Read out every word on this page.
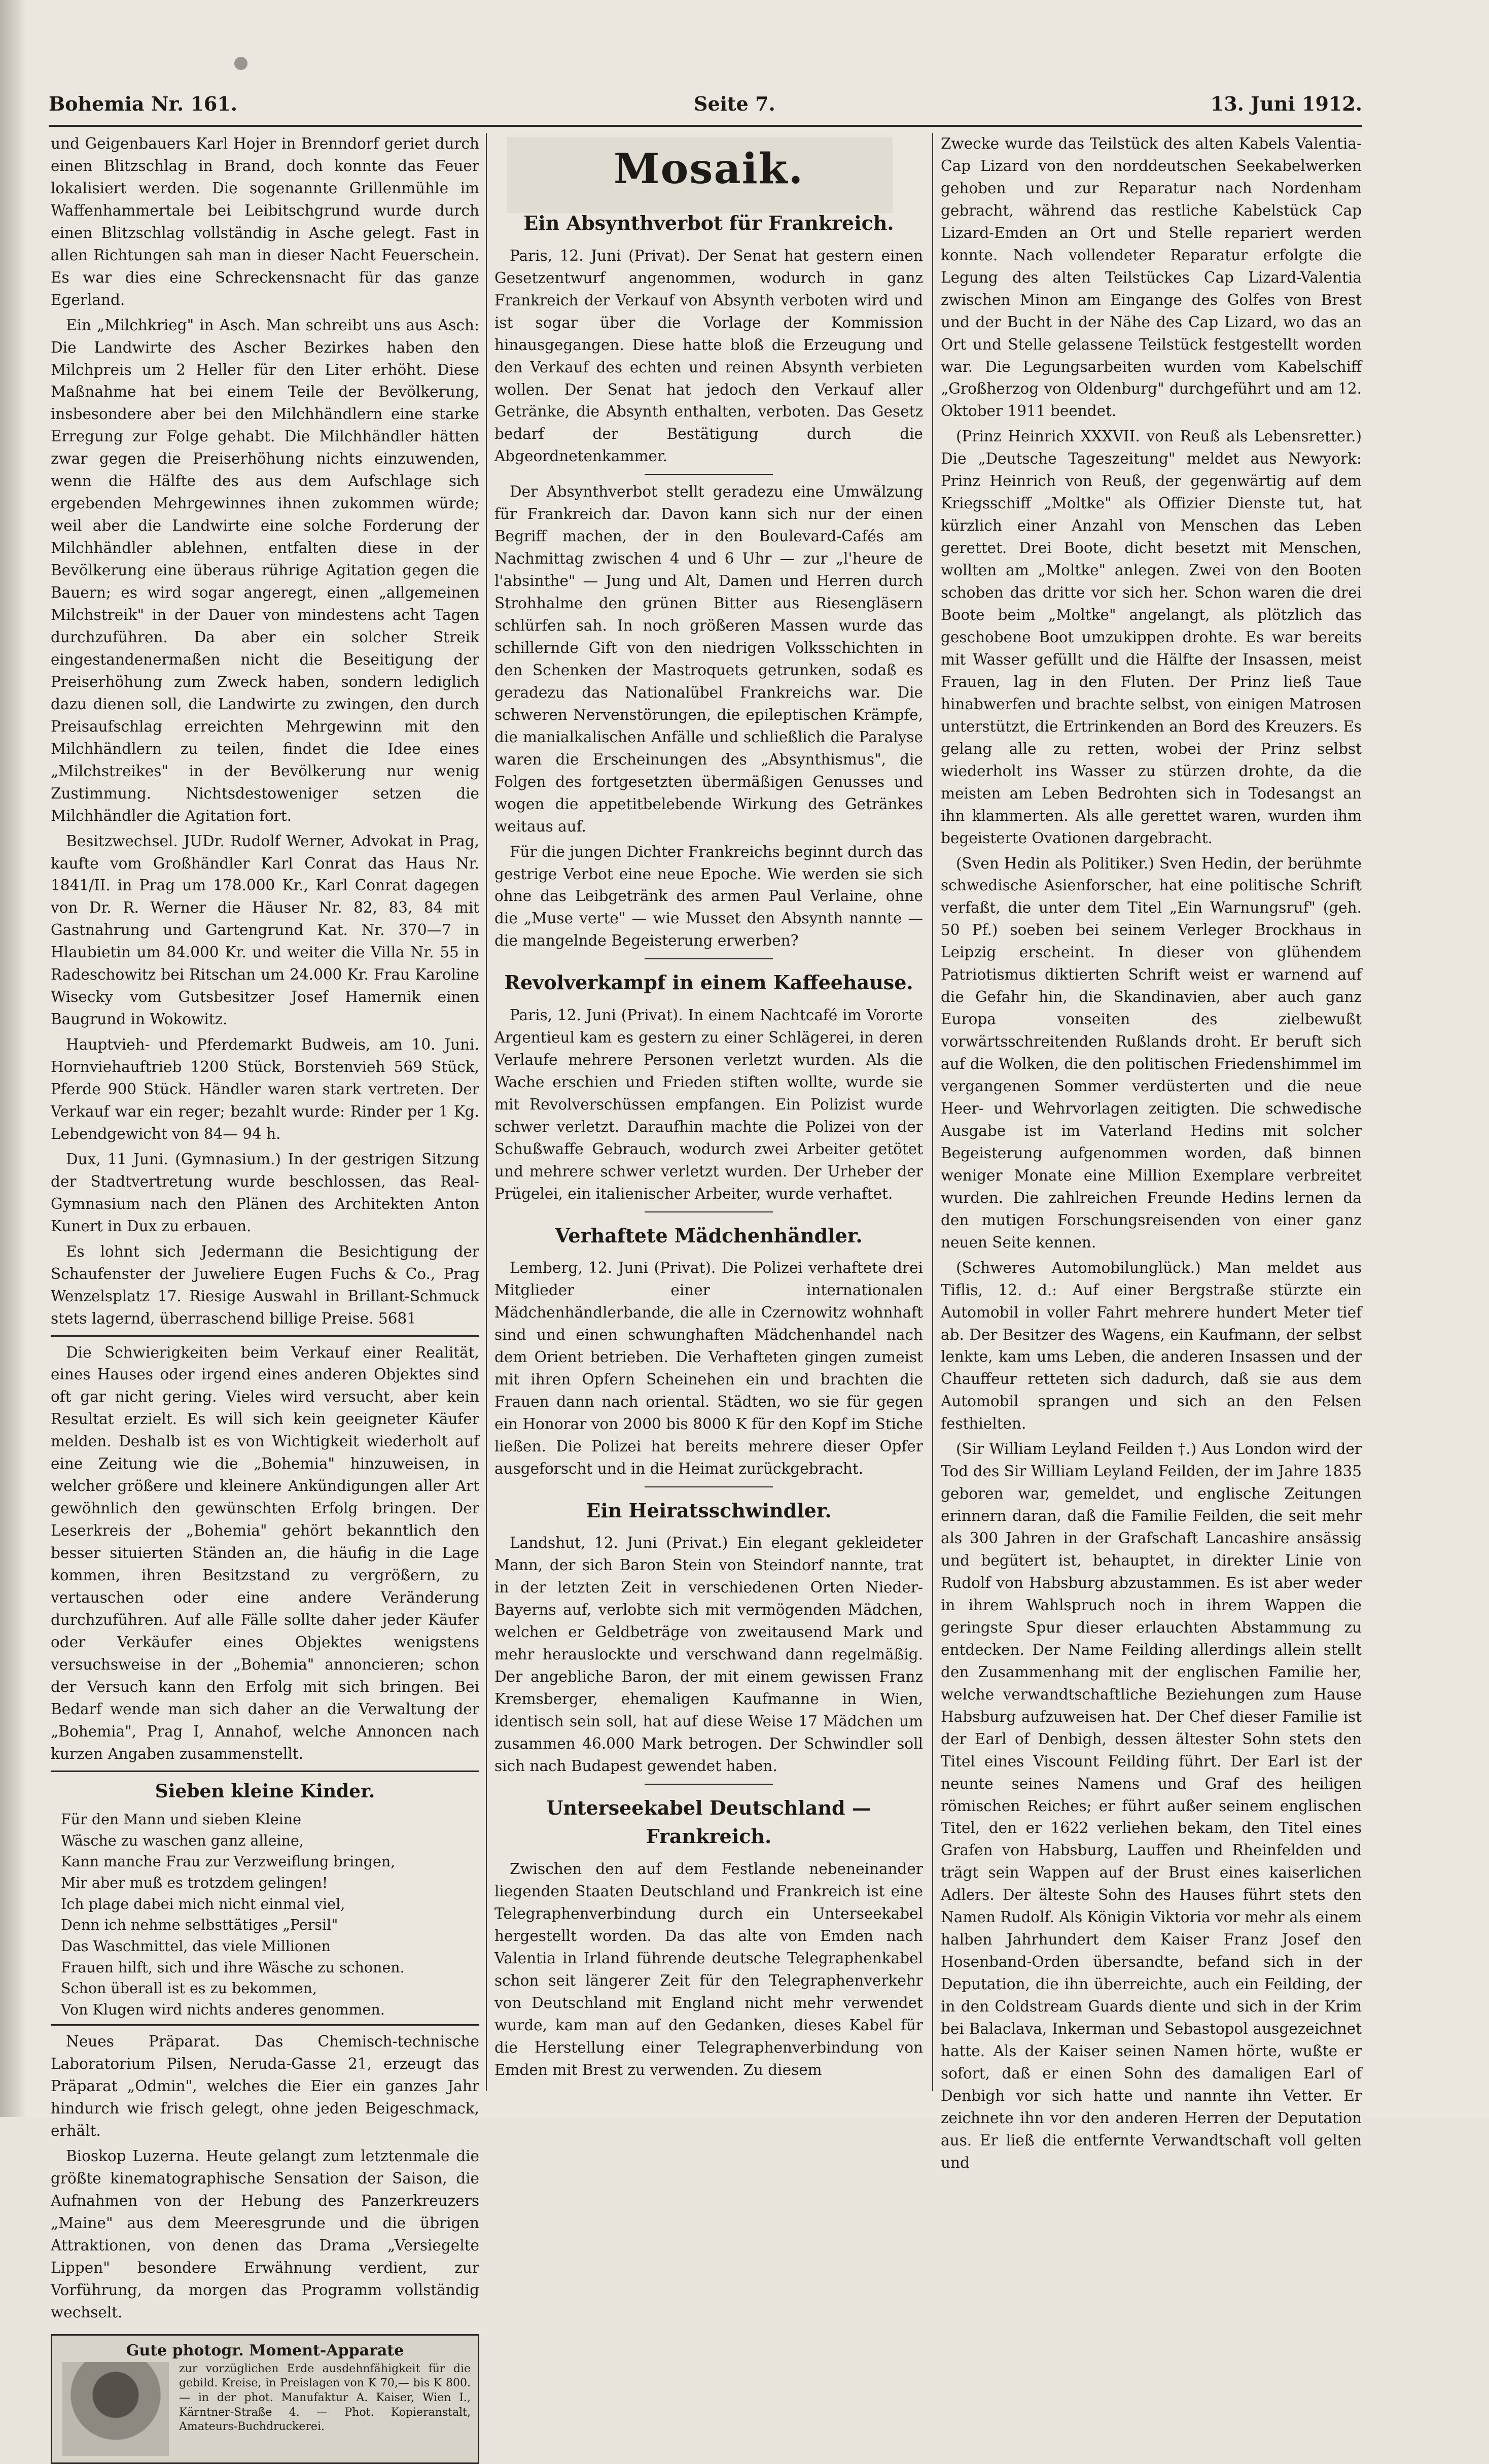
Bohemia Nr. 161.	Seite 7.	13. Juni 1912.

und Geigenbauers Karl Hojer in Brenndorf geriet durch einen Blitzschlag in Brand, doch konnte das Feuer lokalisiert werden. Die sogenannte Grillenmühle im Waffenhammertale bei Leibitschgrund wurde durch einen Blitzschlag vollständig in Asche gelegt. Fast in allen Richtungen sah man in dieser Nacht Feuerschein. Es war dies eine Schreckensnacht für das ganze Egerland.

Ein „Milchkrieg" in Asch. Man schreibt uns aus Asch: Die Landwirte des Ascher Bezirkes haben den Milchpreis um 2 Heller für den Liter erhöht. Diese Maßnahme hat bei einem Teile der Bevölkerung, insbesondere aber bei den Milchhändlern eine starke Erregung zur Folge gehabt. Die Milchhändler hätten zwar gegen die Preiserhöhung nichts einzuwenden, wenn die Hälfte des aus dem Aufschlage sich ergebenden Mehrgewinnes ihnen zukommen würde; weil aber die Landwirte eine solche Forderung der Milchhändler ablehnen, entfalten diese in der Bevölkerung eine überaus rührige Agitation gegen die Bauern; es wird sogar angeregt, einen „allgemeinen Milchstreik" in der Dauer von mindestens acht Tagen durchzuführen. Da aber ein solcher Streik eingestandenermaßen nicht die Beseitigung der Preiserhöhung zum Zweck haben, sondern lediglich dazu dienen soll, die Landwirte zu zwingen, den durch Preisaufschlag erreichten Mehrgewinn mit den Milchhändlern zu teilen, findet die Idee eines „Milchstreikes" in der Bevölkerung nur wenig Zustimmung. Nichtsdestoweniger setzen die Milchhändler die Agitation fort.

Besitzwechsel. JUDr. Rudolf Werner, Advokat in Prag, kaufte vom Großhändler Karl Conrat das Haus Nr. 1841/II. in Prag um 178.000 Kr., Karl Conrat dagegen von Dr. R. Werner die Häuser Nr. 82, 83, 84 mit Gastnahrung und Gartengrund Kat. Nr. 370—7 in Hlaubietin um 84.000 Kr. und weiter die Villa Nr. 55 in Radeschowitz bei Ritschan um 24.000 Kr. Frau Karoline Wisecky vom Gutsbesitzer Josef Hamernik einen Baugrund in Wokowitz.

Hauptvieh- und Pferdemarkt Budweis, am 10. Juni. Hornviehauftrieb 1200 Stück, Borstenvieh 569 Stück, Pferde 900 Stück. Händler waren stark vertreten. Der Verkauf war ein reger; bezahlt wurde: Rinder per 1 Kg. Lebendgewicht von 84— 94 h.

Dux, 11 Juni. (Gymnasium.) In der gestrigen Sitzung der Stadtvertretung wurde beschlossen, das Real-Gymnasium nach den Plänen des Architekten Anton Kunert in Dux zu erbauen.

Es lohnt sich Jedermann die Besichtigung der Schaufenster der Juweliere Eugen Fuchs & Co., Prag Wenzelsplatz 17. Riesige Auswahl in Brillant-Schmuck stets lagernd, überraschend billige Preise. 5681

Die Schwierigkeiten beim Verkauf einer Realität, eines Hauses oder irgend eines anderen Objektes sind oft gar nicht gering. Vieles wird versucht, aber kein Resultat erzielt. Es will sich kein geeigneter Käufer melden. Deshalb ist es von Wichtigkeit wiederholt auf eine Zeitung wie die „Bohemia" hinzuweisen, in welcher größere und kleinere Ankündigungen aller Art gewöhnlich den gewünschten Erfolg bringen. Der Leserkreis der „Bohemia" gehört bekanntlich den besser situierten Ständen an, die häufig in die Lage kommen, ihren Besitzstand zu vergrößern, zu vertauschen oder eine andere Veränderung durchzuführen. Auf alle Fälle sollte daher jeder Käufer oder Verkäufer eines Objektes wenigstens versuchsweise in der „Bohemia" annoncieren; schon der Versuch kann den Erfolg mit sich bringen. Bei Bedarf wende man sich daher an die Verwaltung der „Bohemia", Prag I, Annahof, welche Annoncen nach kurzen Angaben zusammenstellt.

Sieben kleine Kinder.

Für den Mann und sieben Kleine

Wäsche zu waschen ganz alleine,

Kann manche Frau zur Verzweiflung bringen,

Mir aber muß es trotzdem gelingen!

Ich plage dabei mich nicht einmal viel,

Denn ich nehme selbsttätiges „Persil"

Das Waschmittel, das viele Millionen

Frauen hilft, sich und ihre Wäsche zu schonen.

Schon überall ist es zu bekommen,

Von Klugen wird nichts anderes genommen.

Neues Präparat. Das Chemisch-technische Laboratorium Pilsen, Neruda-Gasse 21, erzeugt das Präparat „Odmin", welches die Eier ein ganzes Jahr hindurch wie frisch gelegt, ohne jeden Beigeschmack, erhält.

Bioskop Luzerna. Heute gelangt zum letztenmale die größte kinematographische Sensation der Saison, die Aufnahmen von der Hebung des Panzerkreuzers „Maine" aus dem Meeresgrunde und die übrigen Attraktionen, von denen das Drama „Versiegelte Lippen" besondere Erwähnung verdient, zur Vorführung, da morgen das Programm vollständig wechselt.

Gute photogr. Moment-Apparate
zur vorzüglichen Erde ausdehnfähigkeit für die gebild. Kreise, in Preislagen von K 70,— bis K 800.— in der phot. Manufaktur A. Kaiser, Wien I., Kärntner-Straße 4. — Phot. Kopieranstalt, Amateurs-Buchdruckerei.
Mosaik.
Ein Absynthverbot für Frankreich.

Paris, 12. Juni (Privat). Der Senat hat gestern einen Gesetzentwurf angenommen, wodurch in ganz Frankreich der Verkauf von Absynth verboten wird und ist sogar über die Vorlage der Kommission hinausgegangen. Diese hatte bloß die Erzeugung und den Verkauf des echten und reinen Absynth verbieten wollen. Der Senat hat jedoch den Verkauf aller Getränke, die Absynth enthalten, verboten. Das Gesetz bedarf der Bestätigung durch die Abgeordnetenkammer.

Der Absynthverbot stellt geradezu eine Umwälzung für Frankreich dar. Davon kann sich nur der einen Begriff machen, der in den Boulevard-Cafés am Nachmittag zwischen 4 und 6 Uhr — zur „l'heure de l'absinthe" — Jung und Alt, Damen und Herren durch Strohhalme den grünen Bitter aus Riesengläsern schlürfen sah. In noch größeren Massen wurde das schillernde Gift von den niedrigen Volksschichten in den Schenken der Mastroquets getrunken, sodaß es geradezu das Nationalübel Frankreichs war. Die schweren Nervenstörungen, die epileptischen Krämpfe, die manialkalischen Anfälle und schließlich die Paralyse waren die Erscheinungen des „Absynthismus", die Folgen des fortgesetzten übermäßigen Genusses und wogen die appetitbelebende Wirkung des Getränkes weitaus auf.

Für die jungen Dichter Frankreichs beginnt durch das gestrige Verbot eine neue Epoche. Wie werden sie sich ohne das Leibgetränk des armen Paul Verlaine, ohne die „Muse verte" — wie Musset den Absynth nannte — die mangelnde Begeisterung erwerben?

Revolverkampf in einem Kaffeehause.

Paris, 12. Juni (Privat). In einem Nachtcafé im Vororte Argentieul kam es gestern zu einer Schlägerei, in deren Verlaufe mehrere Personen verletzt wurden. Als die Wache erschien und Frieden stiften wollte, wurde sie mit Revolverschüssen empfangen. Ein Polizist wurde schwer verletzt. Daraufhin machte die Polizei von der Schußwaffe Gebrauch, wodurch zwei Arbeiter getötet und mehrere schwer verletzt wurden. Der Urheber der Prügelei, ein italienischer Arbeiter, wurde verhaftet.

Verhaftete Mädchenhändler.

Lemberg, 12. Juni (Privat). Die Polizei verhaftete drei Mitglieder einer internationalen Mädchenhändlerbande, die alle in Czernowitz wohnhaft sind und einen schwunghaften Mädchenhandel nach dem Orient betrieben. Die Verhafteten gingen zumeist mit ihren Opfern Scheinehen ein und brachten die Frauen dann nach oriental. Städten, wo sie für gegen ein Honorar von 2000 bis 8000 K für den Kopf im Stiche ließen. Die Polizei hat bereits mehrere dieser Opfer ausgeforscht und in die Heimat zurückgebracht.

Ein Heiratsschwindler.

Landshut, 12. Juni (Privat.) Ein elegant gekleideter Mann, der sich Baron Stein von Steindorf nannte, trat in der letzten Zeit in verschiedenen Orten Nieder-Bayerns auf, verlobte sich mit vermögenden Mädchen, welchen er Geldbeträge von zweitausend Mark und mehr herauslockte und verschwand dann regelmäßig. Der angebliche Baron, der mit einem gewissen Franz Kremsberger, ehemaligen Kaufmanne in Wien, identisch sein soll, hat auf diese Weise 17 Mädchen um zusammen 46.000 Mark betrogen. Der Schwindler soll sich nach Budapest gewendet haben.

Unterseekabel Deutschland — Frankreich.

Zwischen den auf dem Festlande nebeneinander liegenden Staaten Deutschland und Frankreich ist eine Telegraphenverbindung durch ein Unterseekabel hergestellt worden. Da das alte von Emden nach Valentia in Irland führende deutsche Telegraphenkabel schon seit längerer Zeit für den Telegraphenverkehr von Deutschland mit England nicht mehr verwendet wurde, kam man auf den Gedanken, dieses Kabel für die Herstellung einer Telegraphenverbindung von Emden mit Brest zu verwenden. Zu diesem

Zwecke wurde das Teilstück des alten Kabels Valentia-Cap Lizard von den norddeutschen Seekabelwerken gehoben und zur Reparatur nach Nordenham gebracht, während das restliche Kabelstück Cap Lizard-Emden an Ort und Stelle repariert werden konnte. Nach vollendeter Reparatur erfolgte die Legung des alten Teilstückes Cap Lizard-Valentia zwischen Minon am Eingange des Golfes von Brest und der Bucht in der Nähe des Cap Lizard, wo das an Ort und Stelle gelassene Teilstück festgestellt worden war. Die Legungsarbeiten wurden vom Kabelschiff „Großherzog von Oldenburg" durchgeführt und am 12. Oktober 1911 beendet.

(Prinz Heinrich XXXVII. von Reuß als Lebensretter.) Die „Deutsche Tageszeitung" meldet aus Newyork: Prinz Heinrich von Reuß, der gegenwärtig auf dem Kriegsschiff „Moltke" als Offizier Dienste tut, hat kürzlich einer Anzahl von Menschen das Leben gerettet. Drei Boote, dicht besetzt mit Menschen, wollten am „Moltke" anlegen. Zwei von den Booten schoben das dritte vor sich her. Schon waren die drei Boote beim „Moltke" angelangt, als plötzlich das geschobene Boot umzukippen drohte. Es war bereits mit Wasser gefüllt und die Hälfte der Insassen, meist Frauen, lag in den Fluten. Der Prinz ließ Taue hinabwerfen und brachte selbst, von einigen Matrosen unterstützt, die Ertrinkenden an Bord des Kreuzers. Es gelang alle zu retten, wobei der Prinz selbst wiederholt ins Wasser zu stürzen drohte, da die meisten am Leben Bedrohten sich in Todesangst an ihn klammerten. Als alle gerettet waren, wurden ihm begeisterte Ovationen dargebracht.

(Sven Hedin als Politiker.) Sven Hedin, der berühmte schwedische Asienforscher, hat eine politische Schrift verfaßt, die unter dem Titel „Ein Warnungsruf" (geh. 50 Pf.) soeben bei seinem Verleger Brockhaus in Leipzig erscheint. In dieser von glühendem Patriotismus diktierten Schrift weist er warnend auf die Gefahr hin, die Skandinavien, aber auch ganz Europa vonseiten des zielbewußt vorwärtsschreitenden Rußlands droht. Er beruft sich auf die Wolken, die den politischen Friedenshimmel im vergangenen Sommer verdüsterten und die neue Heer- und Wehrvorlagen zeitigten. Die schwedische Ausgabe ist im Vaterland Hedins mit solcher Begeisterung aufgenommen worden, daß binnen weniger Monate eine Million Exemplare verbreitet wurden. Die zahlreichen Freunde Hedins lernen da den mutigen Forschungsreisenden von einer ganz neuen Seite kennen.

(Schweres Automobilunglück.) Man meldet aus Tiflis, 12. d.: Auf einer Bergstraße stürzte ein Automobil in voller Fahrt mehrere hundert Meter tief ab. Der Besitzer des Wagens, ein Kaufmann, der selbst lenkte, kam ums Leben, die anderen Insassen und der Chauffeur retteten sich dadurch, daß sie aus dem Automobil sprangen und sich an den Felsen festhielten.

(Sir William Leyland Feilden †.) Aus London wird der Tod des Sir William Leyland Feilden, der im Jahre 1835 geboren war, gemeldet, und englische Zeitungen erinnern daran, daß die Familie Feilden, die seit mehr als 300 Jahren in der Grafschaft Lancashire ansässig und begütert ist, behauptet, in direkter Linie von Rudolf von Habsburg abzustammen. Es ist aber weder in ihrem Wahlspruch noch in ihrem Wappen die geringste Spur dieser erlauchten Abstammung zu entdecken. Der Name Feilding allerdings allein stellt den Zusammenhang mit der englischen Familie her, welche verwandtschaftliche Beziehungen zum Hause Habsburg aufzuweisen hat. Der Chef dieser Familie ist der Earl of Denbigh, dessen ältester Sohn stets den Titel eines Viscount Feilding führt. Der Earl ist der neunte seines Namens und Graf des heiligen römischen Reiches; er führt außer seinem englischen Titel, den er 1622 verliehen bekam, den Titel eines Grafen von Habsburg, Lauffen und Rheinfelden und trägt sein Wappen auf der Brust eines kaiserlichen Adlers. Der älteste Sohn des Hauses führt stets den Namen Rudolf. Als Königin Viktoria vor mehr als einem halben Jahrhundert dem Kaiser Franz Josef den Hosenband-Orden übersandte, befand sich in der Deputation, die ihn überreichte, auch ein Feilding, der in den Coldstream Guards diente und sich in der Krim bei Balaclava, Inkerman und Sebastopol ausgezeichnet hatte. Als der Kaiser seinen Namen hörte, wußte er sofort, daß er einen Sohn des damaligen Earl of Denbigh vor sich hatte und nannte ihn Vetter. Er zeichnete ihn vor den anderen Herren der Deputation aus. Er ließ die entfernte Verwandtschaft voll gelten und
